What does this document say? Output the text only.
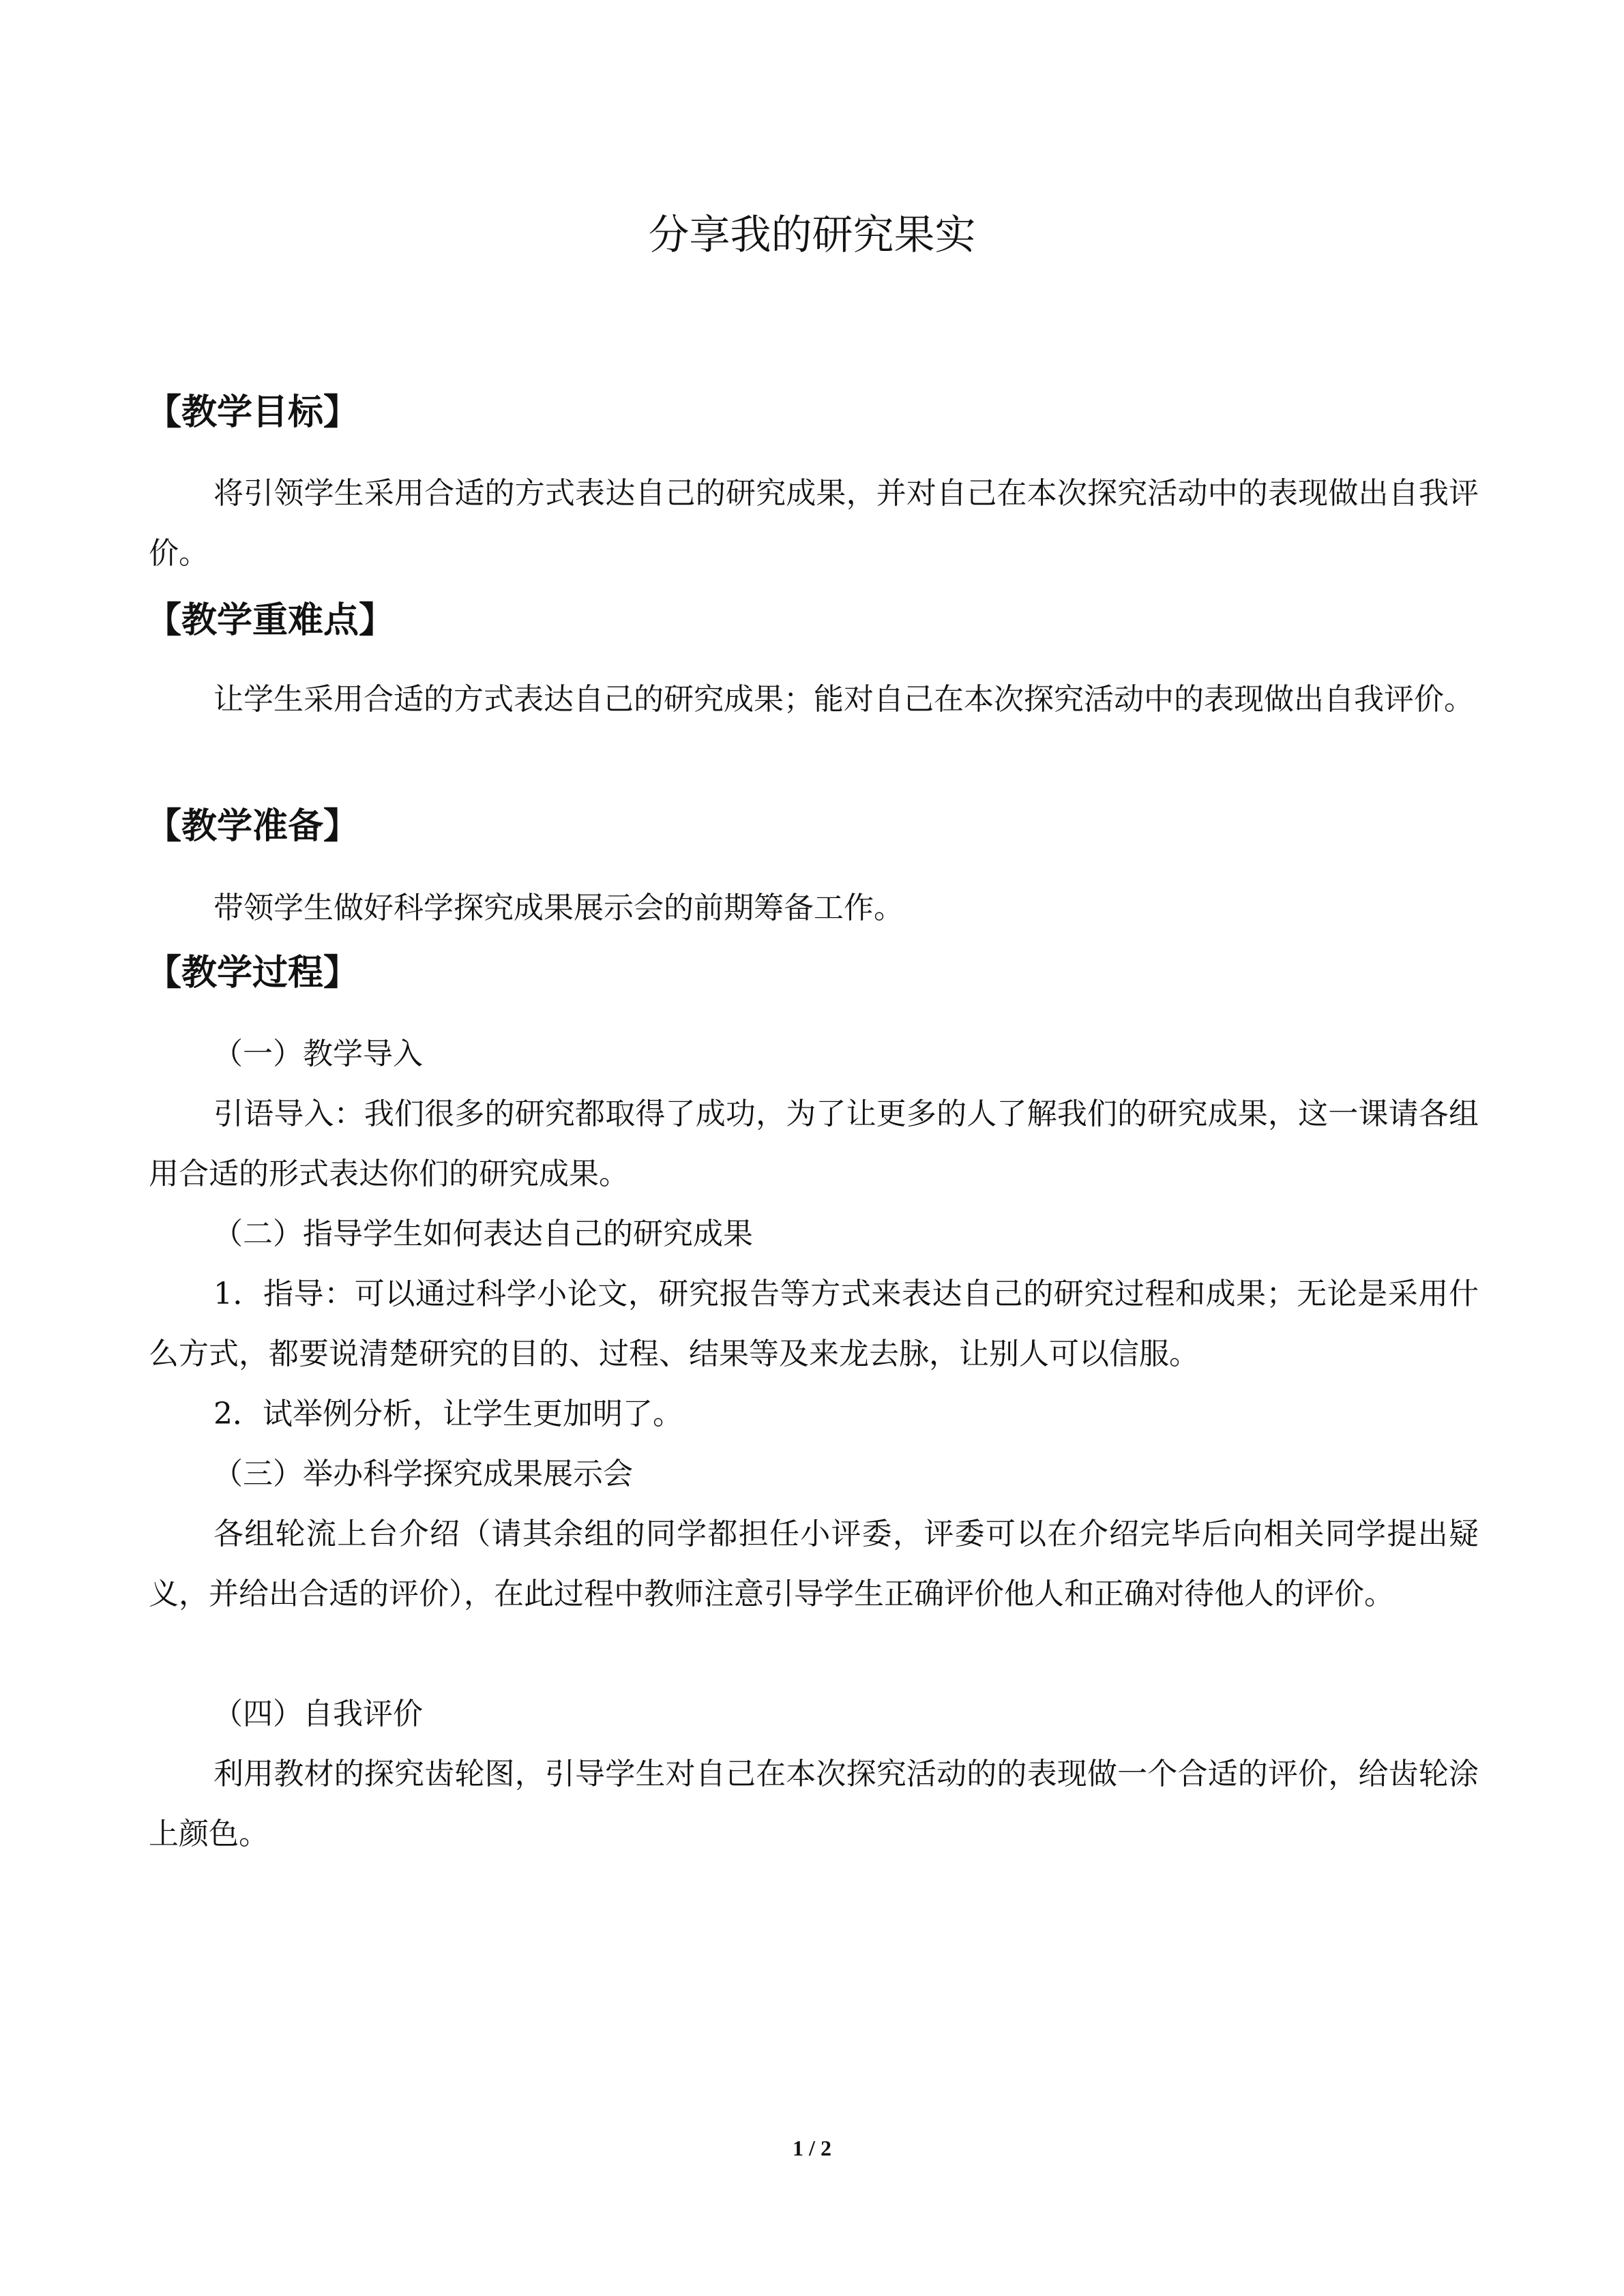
分享我的研究果实
【教学目标】

将引领学生采用合适的方式表达自己的研究成果，并对自己在本次探究活动中的表现做出自我评价。

【教学重难点】

让学生采用合适的方式表达自己的研究成果；能对自己在本次探究活动中的表现做出自我评价。

【教学准备】

带领学生做好科学探究成果展示会的前期筹备工作。

【教学过程】

（一）教学导入

引语导入：我们很多的研究都取得了成功，为了让更多的人了解我们的研究成果，这一课请各组用合适的形式表达你们的研究成果。

（二）指导学生如何表达自己的研究成果

1．指导：可以通过科学小论文，研究报告等方式来表达自己的研究过程和成果；无论是采用什么方式，都要说清楚研究的目的、过程、结果等及来龙去脉，让别人可以信服。

2．试举例分析，让学生更加明了。

（三）举办科学探究成果展示会

各组轮流上台介绍（请其余组的同学都担任小评委，评委可以在介绍完毕后向相关同学提出疑义，并给出合适的评价），在此过程中教师注意引导学生正确评价他人和正确对待他人的评价。

（四）自我评价

利用教材的探究齿轮图，引导学生对自己在本次探究活动的的表现做一个合适的评价，给齿轮涂上颜色。

1 / 2
